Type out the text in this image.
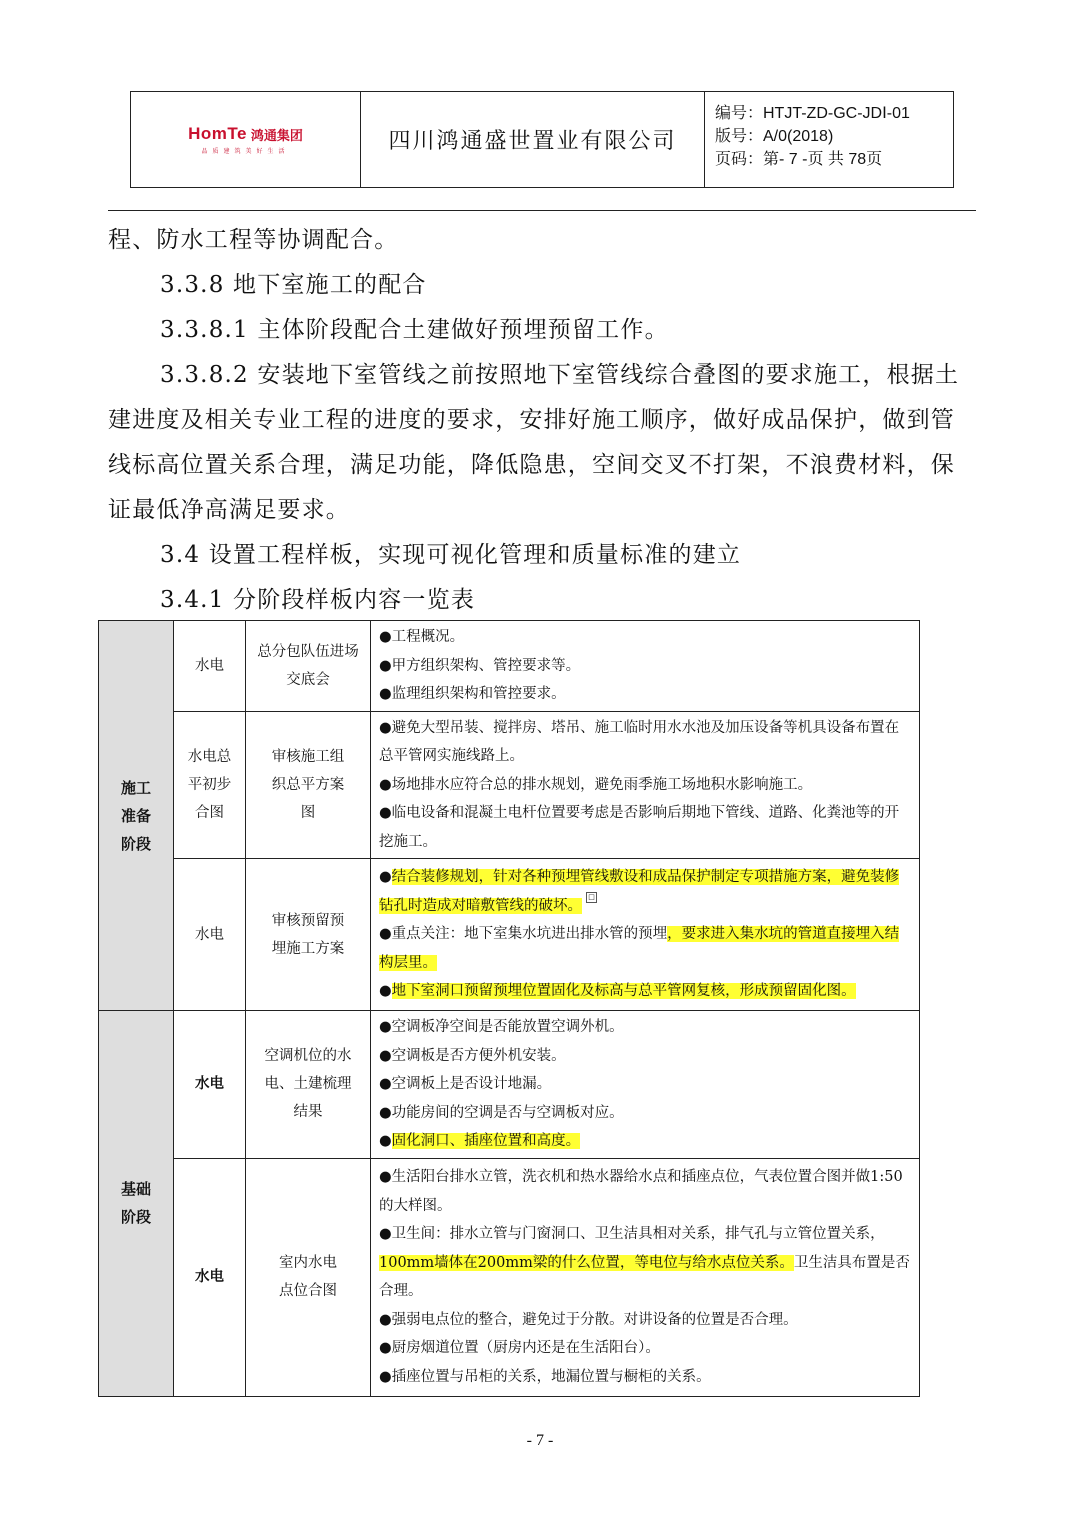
HomTe 鸿通集团
品质建筑美好生活	四川鸿通盛世置业有限公司
编号：HTJT-ZD-GC-JDⅠ-01
版号：A/0(2018)
页码：第- 7 -页 共 78页

程、防水工程等协调配合。

3.3.8 地下室施工的配合

3.3.8.1 主体阶段配合土建做好预埋预留工作。

3.3.8.2 安装地下室管线之前按照地下室管线综合叠图的要求施工，根据土建进度及相关专业工程的进度的要求，安排好施工顺序，做好成品保护，做到管线标高位置关系合理，满足功能，降低隐患，空间交叉不打架，不浪费材料，保证最低净高满足要求。

3.4 设置工程样板，实现可视化管理和质量标准的建立

3.4.1 分阶段样板内容一览表

施工准备阶段	水电	总分包队伍进场交底会	●工程概况。
●甲方组织架构、管控要求等。
●监理组织架构和管控要求。

	水电总平初步合图	审核施工组织总平方案图	●避免大型吊装、搅拌房、塔吊、施工临时用水水池及加压设备等机具设备布置在总平管网实施线路上。
●场地排水应符合总的排水规划，避免雨季施工场地积水影响施工。
●临电设备和混凝土电杆位置要考虑是否影响后期地下管线、道路、化粪池等的开挖施工。

	水电	审核预留预埋施工方案	●结合装修规划，针对各种预埋管线敷设和成品保护制定专项措施方案，避免装修钻孔时造成对暗敷管线的破坏。□
●重点关注：地下室集水坑进出排水管的预埋，要求进入集水坑的管道直接埋入结构层里。
●地下室洞口预留预埋位置固化及标高与总平管网复核，形成预留固化图。

基础阶段	水电	空调机位的水电、土建梳理结果	●空调板净空间是否能放置空调外机。
●空调板是否方便外机安装。
●空调板上是否设计地漏。
●功能房间的空调是否与空调板对应。
●固化洞口、插座位置和高度。

	水电	室内水电点位合图	●生活阳台排水立管，洗衣机和热水器给水点和插座点位，气表位置合图并做1:50的大样图。
●卫生间：排水立管与门窗洞口、卫生洁具相对关系，排气孔与立管位置关系，100mm墙体在200mm梁的什么位置，等电位与给水点位关系。卫生洁具布置是否合理。
●强弱电点位的整合，避免过于分散。对讲设备的位置是否合理。
●厨房烟道位置（厨房内还是在生活阳台）。
●插座位置与吊柜的关系，地漏位置与橱柜的关系。
- 7 -
